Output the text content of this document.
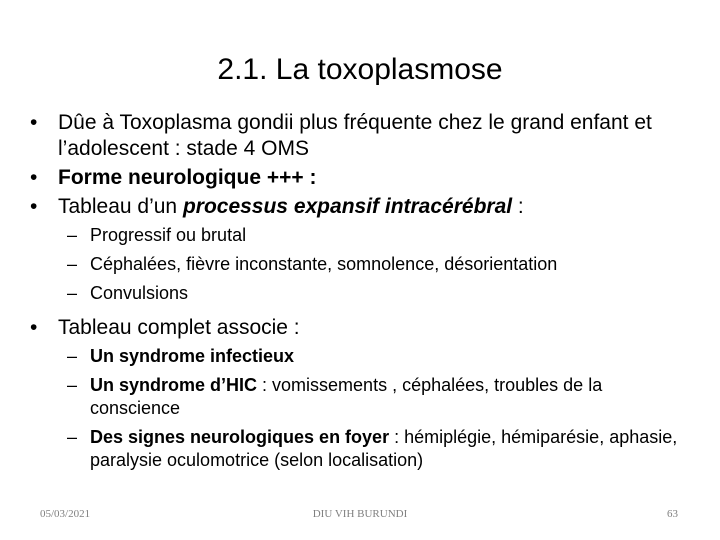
2.1. La toxoplasmose
• Dûe à Toxoplasma gondii plus fréquente chez le grand enfant et l’adolescent : stade 4 OMS
• Forme neurologique +++ :
• Tableau d’un processus expansif intracérébral :
– Progressif ou brutal
– Céphalées, fièvre inconstante, somnolence, désorientation
– Convulsions
• Tableau complet associe :
– Un syndrome infectieux
– Un syndrome d’HIC : vomissements , céphalées, troubles de la conscience
– Des signes neurologiques en foyer : hémiplégie, hémiparésie, aphasie, paralysie oculomotrice (selon localisation)
05/03/2021	DIU VIH BURUNDI	63
